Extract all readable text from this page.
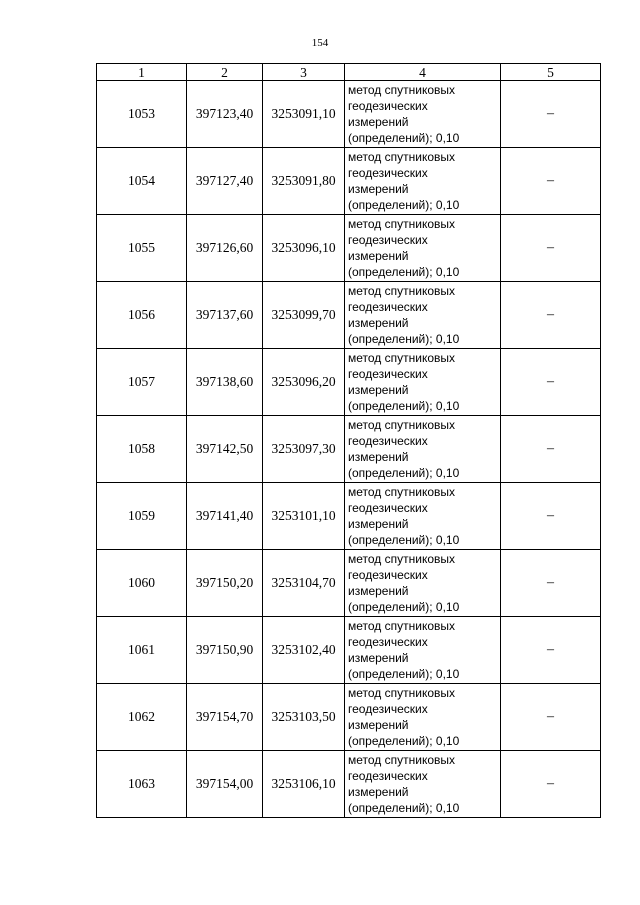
154
1	2	3	4	5
1053	397123,40	3253091,10	метод спутниковых
геодезических
измерений
(определений); 0,10	–
1054	397127,40	3253091,80	метод спутниковых
геодезических
измерений
(определений); 0,10	–
1055	397126,60	3253096,10	метод спутниковых
геодезических
измерений
(определений); 0,10	–
1056	397137,60	3253099,70	метод спутниковых
геодезических
измерений
(определений); 0,10	–
1057	397138,60	3253096,20	метод спутниковых
геодезических
измерений
(определений); 0,10	–
1058	397142,50	3253097,30	метод спутниковых
геодезических
измерений
(определений); 0,10	–
1059	397141,40	3253101,10	метод спутниковых
геодезических
измерений
(определений); 0,10	–
1060	397150,20	3253104,70	метод спутниковых
геодезических
измерений
(определений); 0,10	–
1061	397150,90	3253102,40	метод спутниковых
геодезических
измерений
(определений); 0,10	–
1062	397154,70	3253103,50	метод спутниковых
геодезических
измерений
(определений); 0,10	–
1063	397154,00	3253106,10	метод спутниковых
геодезических
измерений
(определений); 0,10	–
